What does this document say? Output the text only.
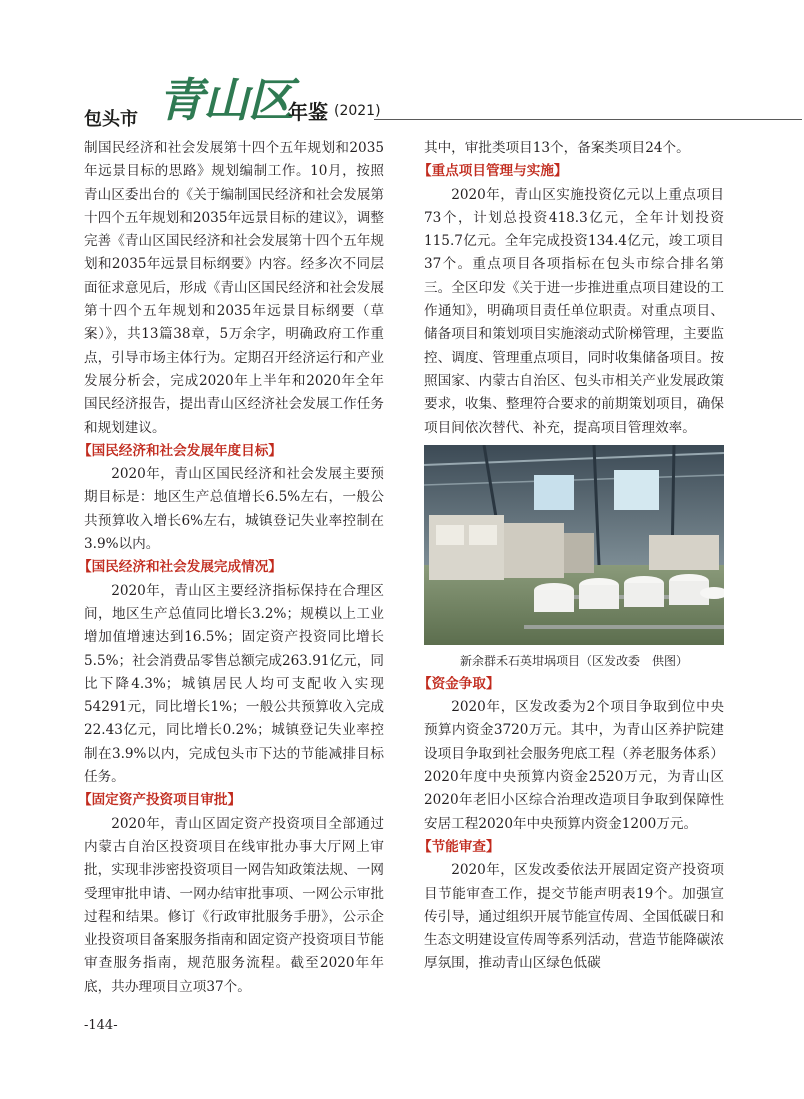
包头市 青山区
年鉴 (2021)

制国民经济和社会发展第十四个五年规划和2035年远景目标的思路》规划编制工作。10月，按照青山区委出台的《关于编制国民经济和社会发展第十四个五年规划和2035年远景目标的建议》，调整完善《青山区国民经济和社会发展第十四个五年规划和2035年远景目标纲要》内容。经多次不同层面征求意见后，形成《青山区国民经济和社会发展第十四个五年规划和2035年远景目标纲要（草案）》，共13篇38章，5万余字，明确政府工作重点，引导市场主体行为。定期召开经济运行和产业发展分析会，完成2020年上半年和2020年全年国民经济报告，提出青山区经济社会发展工作任务和规划建议。

【国民经济和社会发展年度目标】

2020年，青山区国民经济和社会发展主要预期目标是：地区生产总值增长6.5%左右，一般公共预算收入增长6%左右，城镇登记失业率控制在3.9%以内。

【国民经济和社会发展完成情况】

2020年，青山区主要经济指标保持在合理区间，地区生产总值同比增长3.2%；规模以上工业增加值增速达到16.5%；固定资产投资同比增长5.5%；社会消费品零售总额完成263.91亿元，同比下降4.3%；城镇居民人均可支配收入实现54291元，同比增长1%；一般公共预算收入完成22.43亿元，同比增长0.2%；城镇登记失业率控制在3.9%以内，完成包头市下达的节能减排目标任务。

【固定资产投资项目审批】

2020年，青山区固定资产投资项目全部通过内蒙古自治区投资项目在线审批办事大厅网上审批，实现非涉密投资项目一网告知政策法规、一网受理审批申请、一网办结审批事项、一网公示审批过程和结果。修订《行政审批服务手册》，公示企业投资项目备案服务指南和固定资产投资项目节能审查服务指南，规范服务流程。截至2020年年底，共办理项目立项37个。

其中，审批类项目13个，备案类项目24个。

【重点项目管理与实施】

2020年，青山区实施投资亿元以上重点项目73个，计划总投资418.3亿元，全年计划投资115.7亿元。全年完成投资134.4亿元，竣工项目37个。重点项目各项指标在包头市综合排名第三。全区印发《关于进一步推进重点项目建设的工作通知》，明确项目责任单位职责。对重点项目、储备项目和策划项目实施滚动式阶梯管理，主要监控、调度、管理重点项目，同时收集储备项目。按照国家、内蒙古自治区、包头市相关产业发展政策要求，收集、整理符合要求的前期策划项目，确保项目间依次替代、补充，提高项目管理效率。

新余群禾石英坩埚项目（区发改委　供图）
【资金争取】

2020年，区发改委为2个项目争取到位中央预算内资金3720万元。其中，为青山区养护院建设项目争取到社会服务兜底工程（养老服务体系）2020年度中央预算内资金2520万元，为青山区2020年老旧小区综合治理改造项目争取到保障性安居工程2020年中央预算内资金1200万元。

【节能审查】

2020年，区发改委依法开展固定资产投资项目节能审查工作，提交节能声明表19个。加强宣传引导，通过组织开展节能宣传周、全国低碳日和生态文明建设宣传周等系列活动，营造节能降碳浓厚氛围，推动青山区绿色低碳

-144-
